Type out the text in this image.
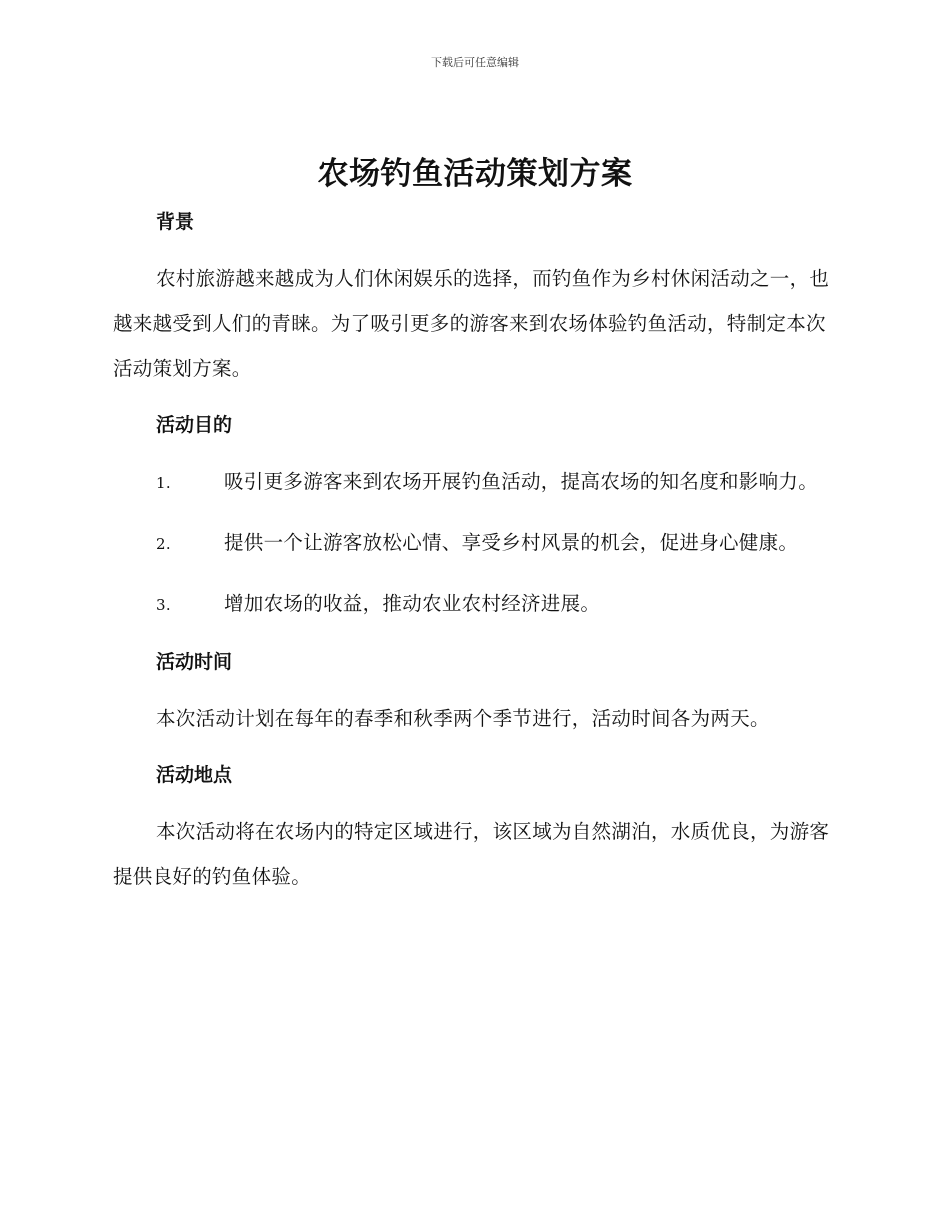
下载后可任意编辑
农场钓鱼活动策划方案
背景

农村旅游越来越成为人们休闲娱乐的选择，而钓鱼作为乡村休闲活动之一，也越来越受到人们的青睐。为了吸引更多的游客来到农场体验钓鱼活动，特制定本次活动策划方案。

活动目的

1.	吸引更多游客来到农场开展钓鱼活动，提高农场的知名度和影响力。

2.	提供一个让游客放松心情、享受乡村风景的机会，促进身心健康。

3.	增加农场的收益，推动农业农村经济进展。

活动时间

本次活动计划在每年的春季和秋季两个季节进行，活动时间各为两天。

活动地点

本次活动将在农场内的特定区域进行，该区域为自然湖泊，水质优良，为游客提供良好的钓鱼体验。
